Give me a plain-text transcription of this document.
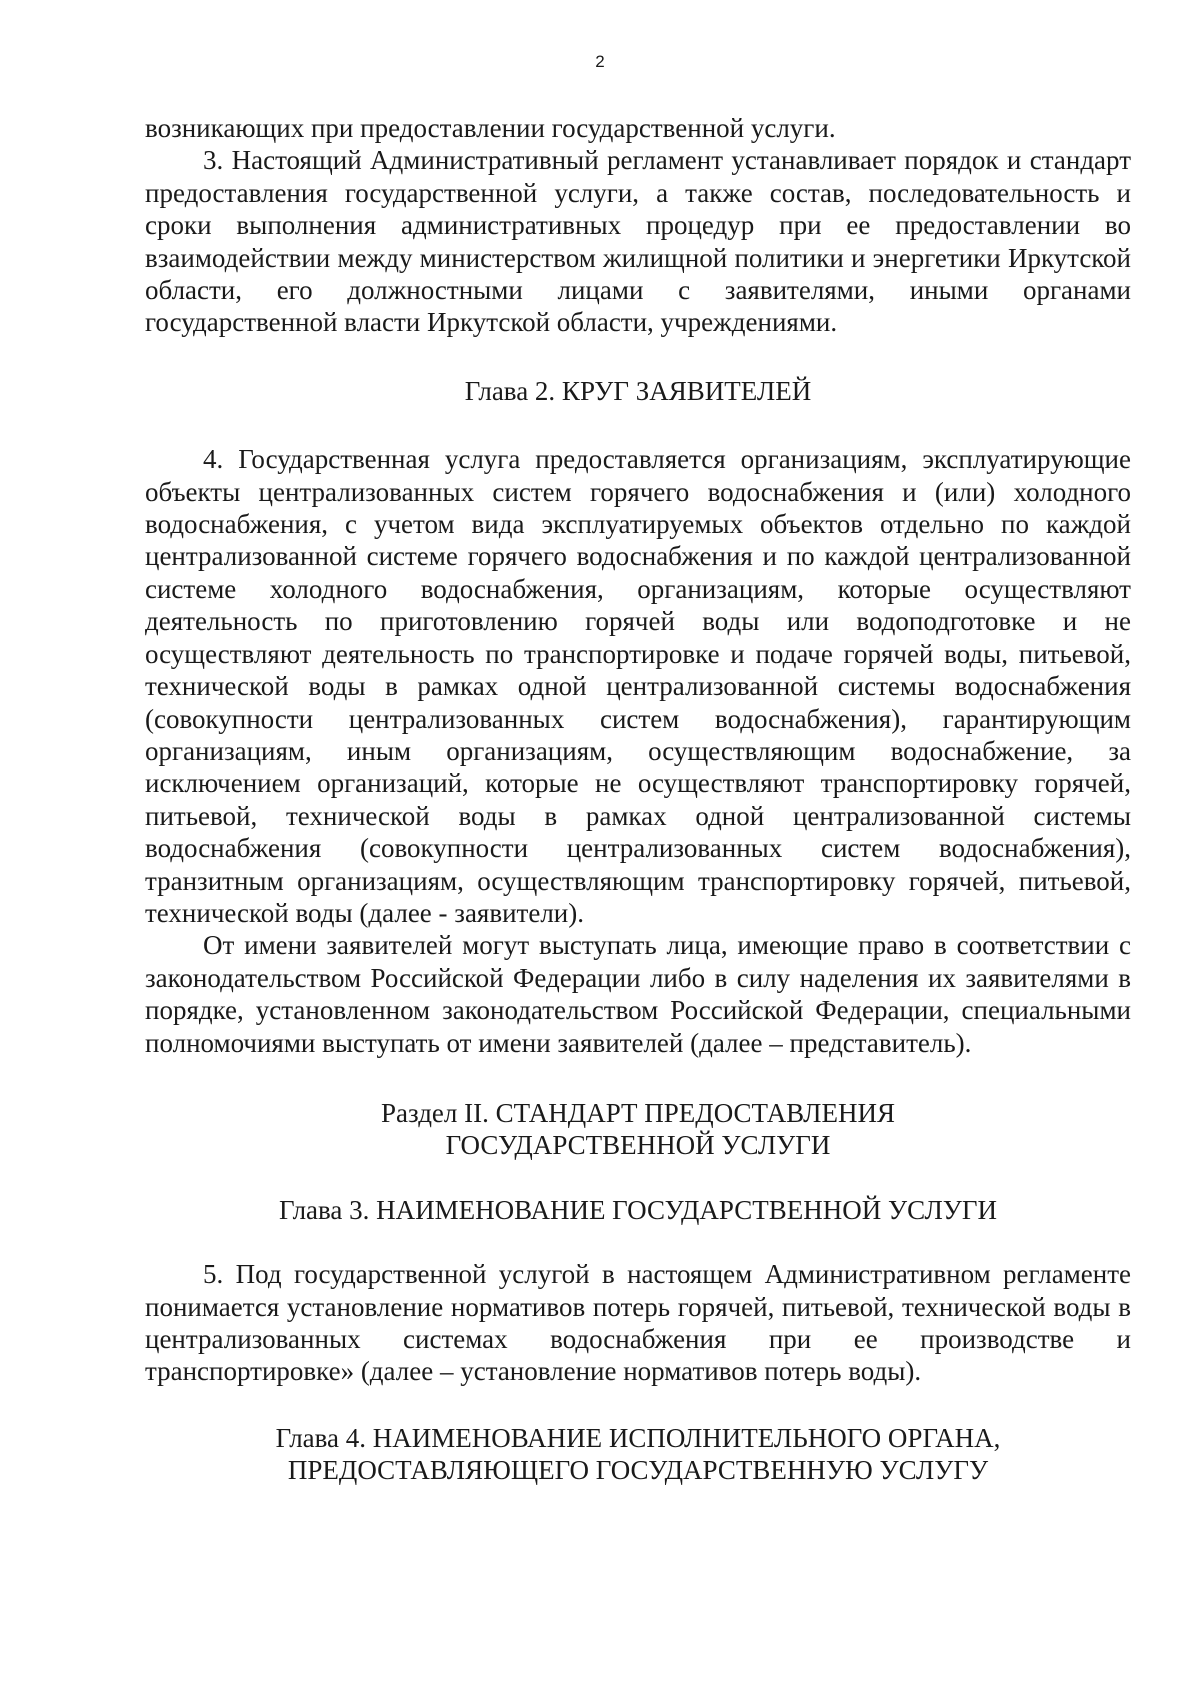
2

возникающих при предоставлении государственной услуги.

3. Настоящий Административный регламент устанавливает порядок и стандарт предоставления государственной услуги, а также состав, последовательность и сроки выполнения административных процедур при ее предоставлении во взаимодействии между министерством жилищной политики и энергетики Иркутской области, его должностными лицами с заявителями, иными органами государственной власти Иркутской области, учреждениями.

Глава 2. КРУГ ЗАЯВИТЕЛЕЙ

4. Государственная услуга предоставляется организациям, эксплуатирующие объекты централизованных систем горячего водоснабжения и (или) холодного водоснабжения, с учетом вида эксплуатируемых объектов отдельно по каждой централизованной системе горячего водоснабжения и по каждой централизованной системе холодного водоснабжения, организациям, которые осуществляют деятельность по приготовлению горячей воды или водоподготовке и не осуществляют деятельность по транспортировке и подаче горячей воды, питьевой, технической воды в рамках одной централизованной системы водоснабжения (совокупности централизованных систем водоснабжения), гарантирующим организациям, иным организациям, осуществляющим водоснабжение, за исключением организаций, которые не осуществляют транспортировку горячей, питьевой, технической воды в рамках одной централизованной системы водоснабжения (совокупности централизованных систем водоснабжения), транзитным организациям, осуществляющим транспортировку горячей, питьевой, технической воды (далее - заявители).

От имени заявителей могут выступать лица, имеющие право в соответствии с законодательством Российской Федерации либо в силу наделения их заявителями в порядке, установленном законодательством Российской Федерации, специальными полномочиями выступать от имени заявителей (далее – представитель).

Раздел II. СТАНДАРТ ПРЕДОСТАВЛЕНИЯ
ГОСУДАРСТВЕННОЙ УСЛУГИ
Глава 3. НАИМЕНОВАНИЕ ГОСУДАРСТВЕННОЙ УСЛУГИ

5. Под государственной услугой в настоящем Административном регламенте понимается установление нормативов потерь горячей, питьевой, технической воды в централизованных системах водоснабжения при ее производстве и транспортировке» (далее – установление нормативов потерь воды).

Глава 4. НАИМЕНОВАНИЕ ИСПОЛНИТЕЛЬНОГО ОРГАНА,
ПРЕДОСТАВЛЯЮЩЕГО ГОСУДАРСТВЕННУЮ УСЛУГУ
